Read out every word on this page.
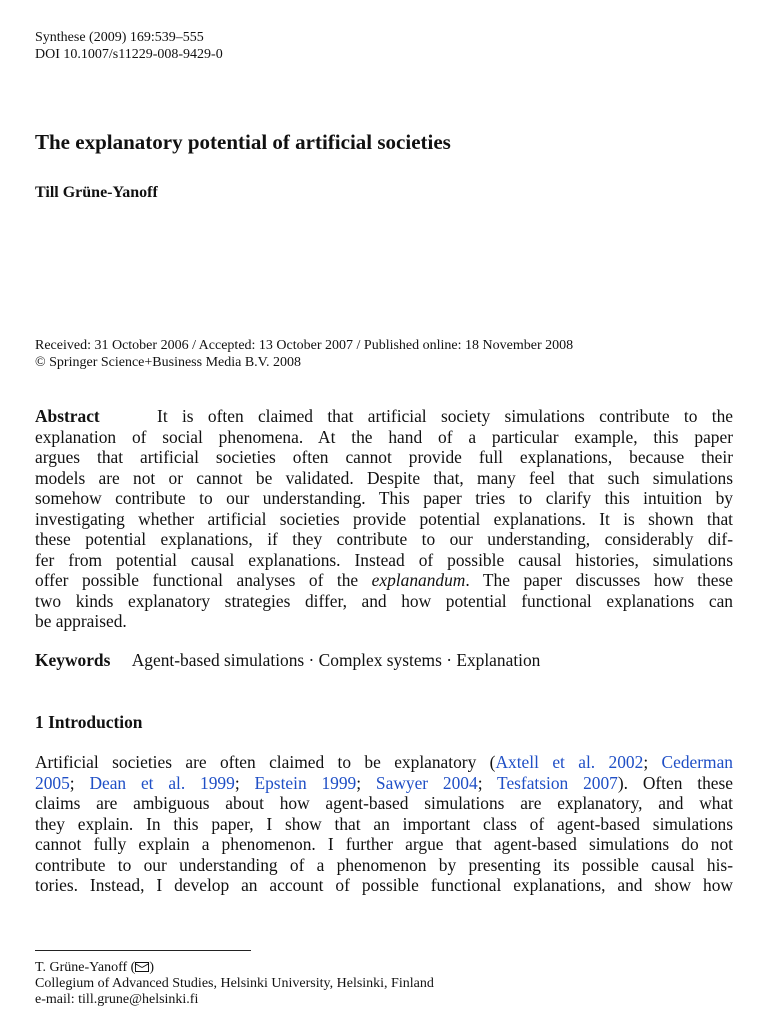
Synthese (2009) 169:539–555
DOI 10.1007/s11229-008-9429-0
The explanatory potential of artificial societies
Till Grüne-Yanoff
Received: 31 October 2006 / Accepted: 13 October 2007 / Published online: 18 November 2008
© Springer Science+Business Media B.V. 2008
Abstract	It is often claimed that artificial society simulations contribute to the
explanation of social phenomena. At the hand of a particular example, this paper
argues that artificial societies often cannot provide full explanations, because their
models are not or cannot be validated. Despite that, many feel that such simulations
somehow contribute to our understanding. This paper tries to clarify this intuition by
investigating whether artificial societies provide potential explanations. It is shown that
these potential explanations, if they contribute to our understanding, considerably dif-
fer from potential causal explanations. Instead of possible causal histories, simulations
offer possible functional analyses of the explanandum. The paper discusses how these
two kinds explanatory strategies differ, and how potential functional explanations can
be appraised.
Keywords Agent-based simulations · Complex systems · Explanation
1 Introduction
Artificial societies are often claimed to be explanatory (Axtell et al. 2002; Cederman
2005; Dean et al. 1999; Epstein 1999; Sawyer 2004; Tesfatsion 2007). Often these
claims are ambiguous about how agent-based simulations are explanatory, and what
they explain. In this paper, I show that an important class of agent-based simulations
cannot fully explain a phenomenon. I further argue that agent-based simulations do not
contribute to our understanding of a phenomenon by presenting its possible causal his-
tories. Instead, I develop an account of possible functional explanations, and show how
T. Grüne-Yanoff ( )
Collegium of Advanced Studies, Helsinki University, Helsinki, Finland
e-mail: till.grune@helsinki.fi
